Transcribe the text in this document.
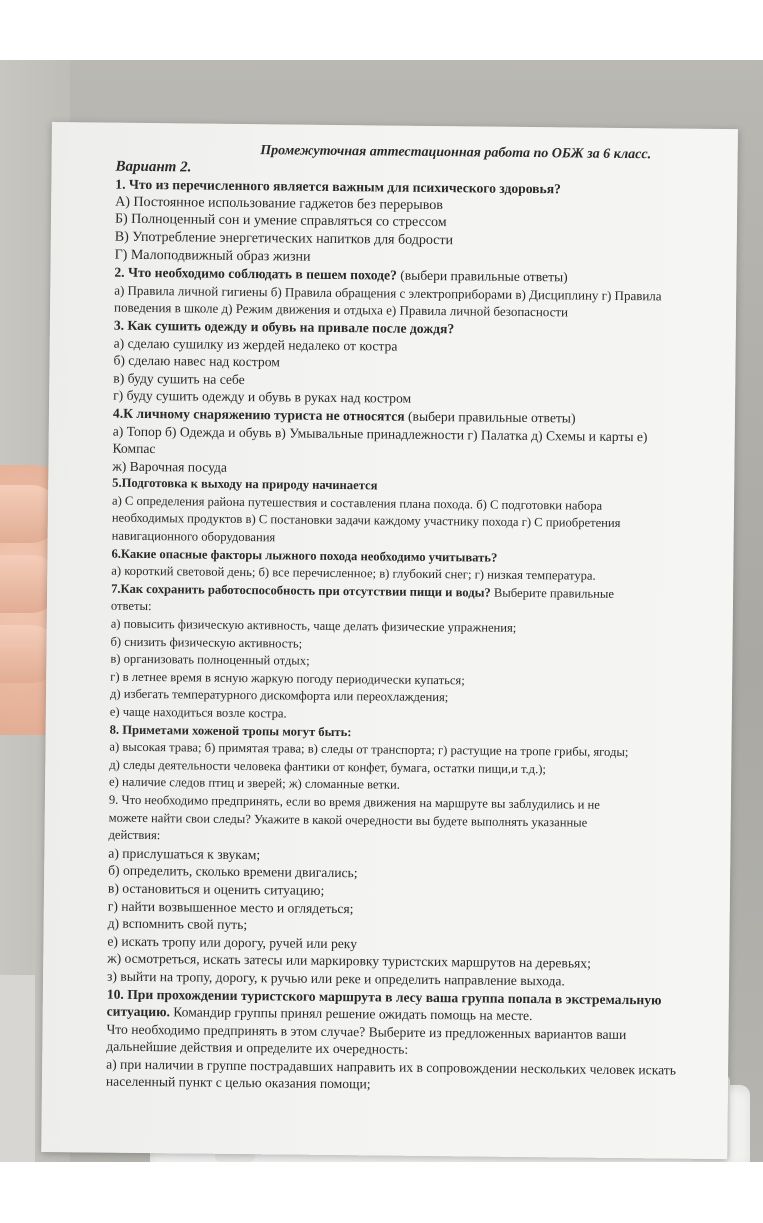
Промежуточная аттестационная работа по ОБЖ за 6 класс.

Вариант 2.

1. Что из перечисленного является важным для психического здоровья?

А) Постоянное использование гаджетов без перерывов

Б) Полноценный сон и умение справляться со стрессом

В) Употребление энергетических напитков для бодрости

Г) Малоподвижный образ жизни

2. Что необходимо соблюдать в пешем походе? (выбери правильные ответы)

а) Правила личной гигиены б) Правила обращения с электроприборами в) Дисциплину г) Правила

поведения в школе д) Режим движения и отдыха е) Правила личной безопасности

3. Как сушить одежду и обувь на привале после дождя?

а) сделаю сушилку из жердей недалеко от костра

б) сделаю навес над костром

в) буду сушить на себе

г) буду сушить одежду и обувь в руках над костром

4.К личному снаряжению туриста не относятся (выбери правильные ответы)

а) Топор б) Одежда и обувь в) Умывальные принадлежности г) Палатка д) Схемы и карты е)

Компас

ж) Варочная посуда

5.Подготовка к выходу на природу начинается

а) С определения района путешествия и составления плана похода. б) С подготовки набора

необходимых продуктов в) С постановки задачи каждому участнику похода г) С приобретения

навигационного оборудования

6.Какие опасные факторы лыжного похода необходимо учитывать?

а) короткий световой день; б) все перечисленное; в) глубокий снег; г) низкая температура.

7.Как сохранить работоспособность при отсутствии пищи и воды? Выберите правильные

ответы:

а) повысить физическую активность, чаще делать физические упражнения;

б) снизить физическую активность;

в) организовать полноценный отдых;

г) в летнее время в ясную жаркую погоду периодически купаться;

д) избегать температурного дискомфорта или переохлаждения;

е) чаще находиться возле костра.

8. Приметами хоженой тропы могут быть:

а) высокая трава; б) примятая трава; в) следы от транспорта; г) растущие на тропе грибы, ягоды;

д) следы деятельности человека фантики от конфет, бумага, остатки пищи,и т.д.);

е) наличие следов птиц и зверей; ж) сломанные ветки.

9. Что необходимо предпринять, если во время движения на маршруте вы заблудились и не

можете найти свои следы? Укажите в какой очередности вы будете выполнять указанные

действия:

а) прислушаться к звукам;

б) определить, сколько времени двигались;

в) остановиться и оценить ситуацию;

г) найти возвышенное место и оглядеться;

д) вспомнить свой путь;

е) искать тропу или дорогу, ручей или реку

ж) осмотреться, искать затесы или маркировку туристских маршрутов на деревьях;

з) выйти на тропу, дорогу, к ручью или реке и определить направление выхода.

10. При прохождении туристского маршрута в лесу ваша группа попала в экстремальную

ситуацию. Командир группы принял решение ожидать помощь на месте.

Что необходимо предпринять в этом случае? Выберите из предложенных вариантов ваши

дальнейшие действия и определите их очередность:

а) при наличии в группе пострадавших направить их в сопровождении нескольких человек искать

населенный пункт с целью оказания помощи;
